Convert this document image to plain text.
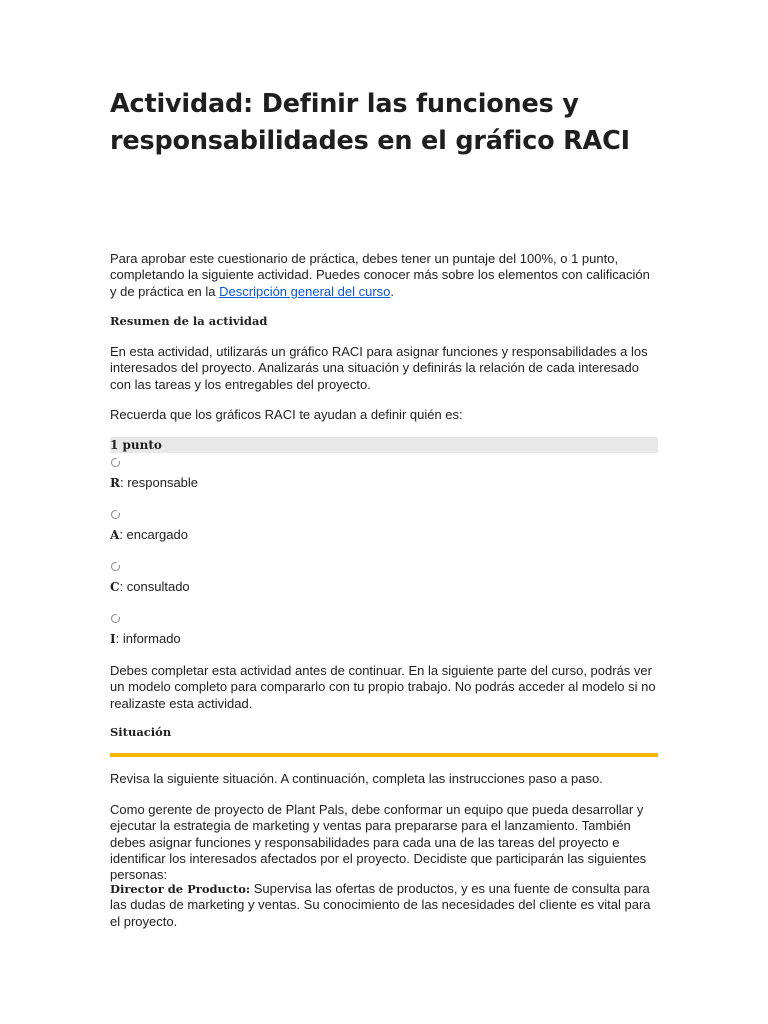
Actividad: Definir las funciones y responsabilidades en el gráfico RACI

Para aprobar este cuestionario de práctica, debes tener un puntaje del 100%, o 1 punto, completando la siguiente actividad. Puedes conocer más sobre los elementos con calificación y de práctica en la Descripción general del curso.

Resumen de la actividad

En esta actividad, utilizarás un gráfico RACI para asignar funciones y responsabilidades a los interesados del proyecto. Analizarás una situación y definirás la relación de cada interesado con las tareas y los entregables del proyecto.

Recuerda que los gráficos RACI te ayudan a definir quién es:

1 punto
R: responsable
A: encargado
C: consultado
I: informado

Debes completar esta actividad antes de continuar. En la siguiente parte del curso, podrás ver un modelo completo para compararlo con tu propio trabajo. No podrás acceder al modelo si no realizaste esta actividad.

Situación

Revisa la siguiente situación. A continuación, completa las instrucciones paso a paso.

Como gerente de proyecto de Plant Pals, debe conformar un equipo que pueda desarrollar y ejecutar la estrategia de marketing y ventas para prepararse para el lanzamiento. También debes asignar funciones y responsabilidades para cada una de las tareas del proyecto e identificar los interesados afectados por el proyecto. Decidiste que participarán las siguientes personas:

Director de Producto: Supervisa las ofertas de productos, y es una fuente de consulta para las dudas de marketing y ventas. Su conocimiento de las necesidades del cliente es vital para el proyecto.
